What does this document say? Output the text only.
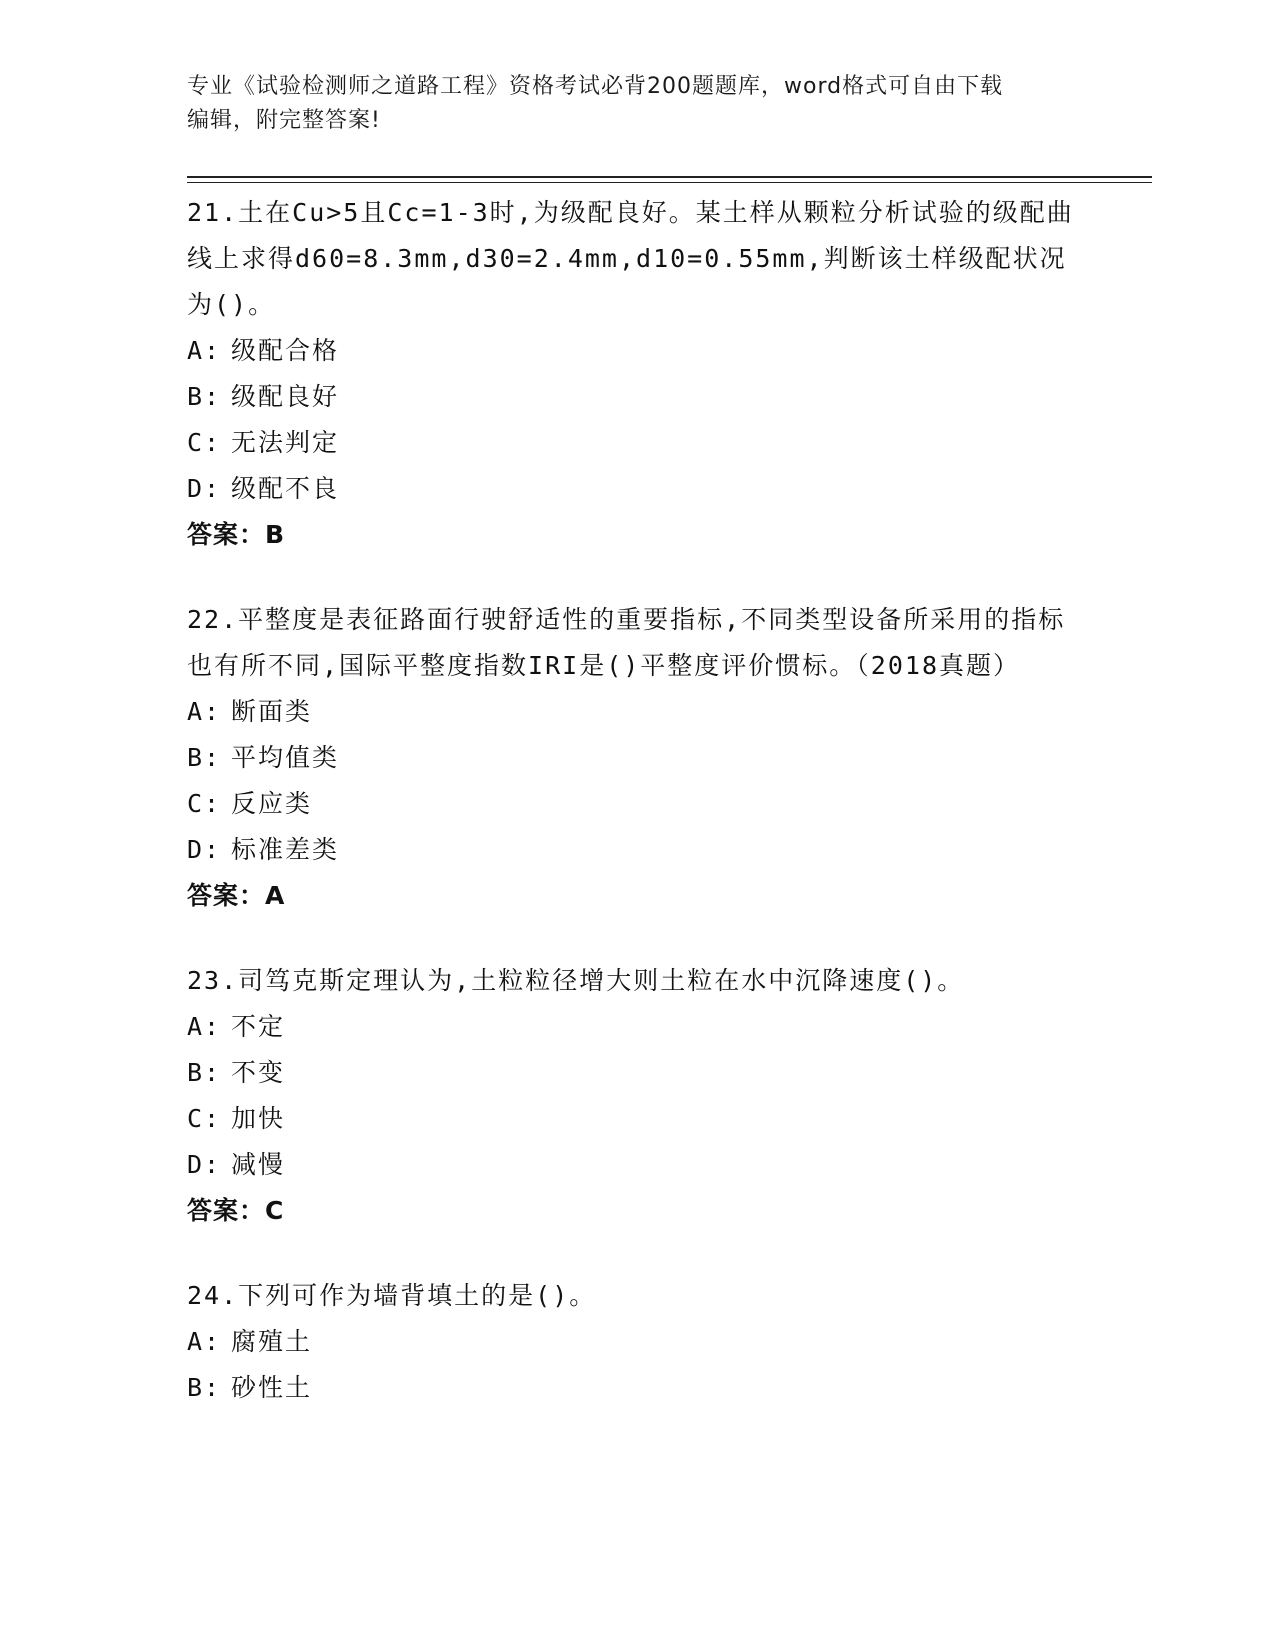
专业《试验检测师之道路工程》资格考试必背200题题库，word格式可自由下载
编辑，附完整答案!

21.土在Cu>5且Cc=1-3时,为级配良好。某土样从颗粒分析试验的级配曲线上求得d60=8.3mm,d30=2.4mm,d10=0.55mm,判断该土样级配状况为()。

A: 级配合格
B: 级配良好
C: 无法判定
D: 级配不良
答案：B

22.平整度是表征路面行驶舒适性的重要指标,不同类型设备所采用的指标也有所不同,国际平整度指数IRI是()平整度评价惯标。（2018真题）

A: 断面类
B: 平均值类
C: 反应类
D: 标准差类
答案：A

23.司笃克斯定理认为,土粒粒径增大则土粒在水中沉降速度()。

A: 不定
B: 不变
C: 加快
D: 减慢
答案：C

24.下列可作为墙背填土的是()。

A: 腐殖土
B: 砂性土
